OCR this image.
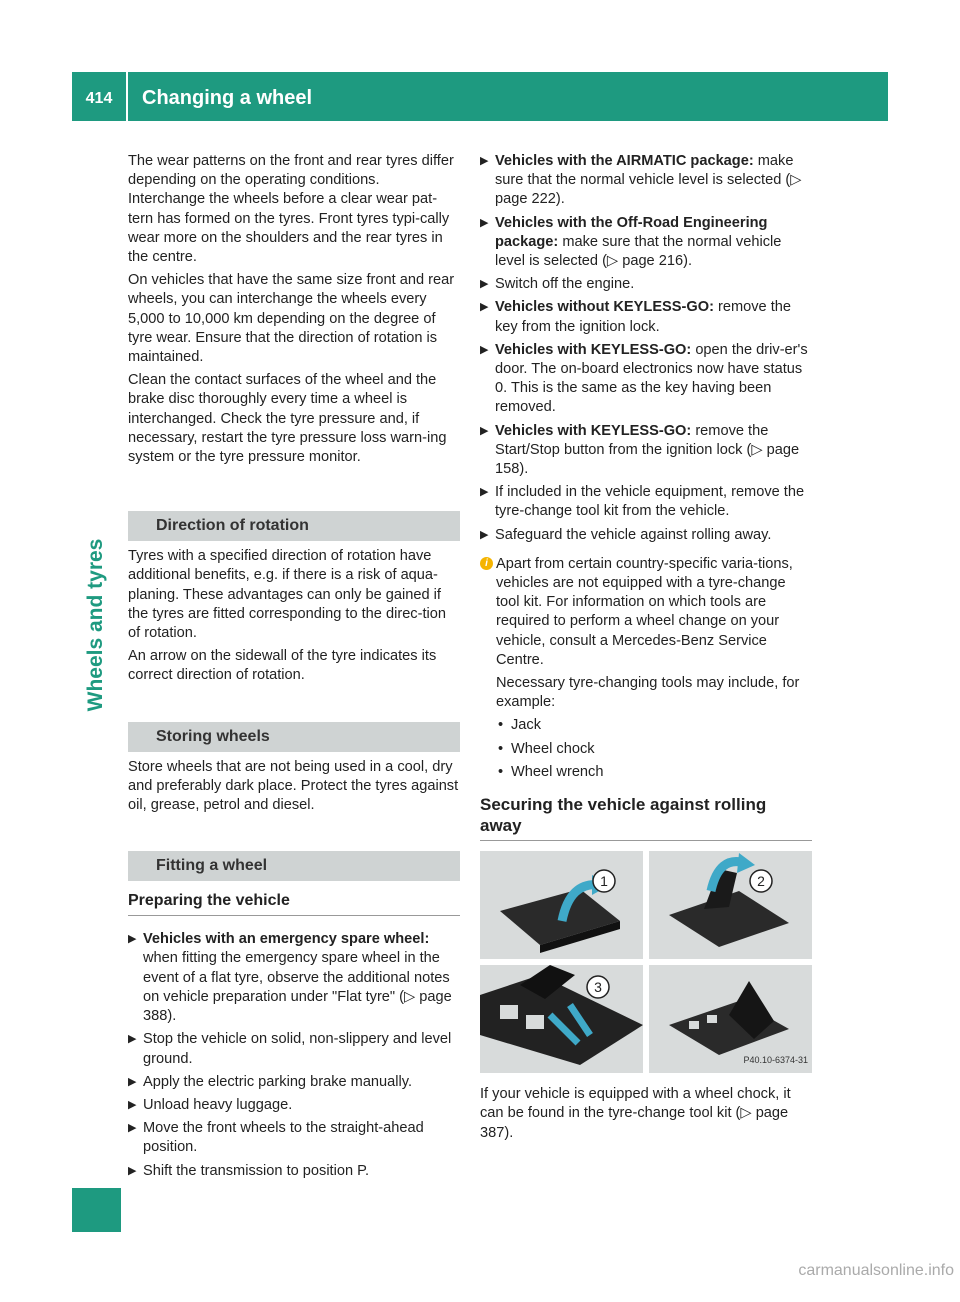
414	Changing a wheel
Wheels and tyres

The wear patterns on the front and rear tyres differ depending on the operating conditions. Interchange the wheels before a clear wear pat-tern has formed on the tyres. Front tyres typi-cally wear more on the shoulders and the rear tyres in the centre.

On vehicles that have the same size front and rear wheels, you can interchange the wheels every 5,000 to 10,000 km depending on the degree of tyre wear. Ensure that the direction of rotation is maintained.

Clean the contact surfaces of the wheel and the brake disc thoroughly every time a wheel is interchanged. Check the tyre pressure and, if necessary, restart the tyre pressure loss warn-ing system or the tyre pressure monitor.

Direction of rotation

Tyres with a specified direction of rotation have additional benefits, e.g. if there is a risk of aqua-planing. These advantages can only be gained if the tyres are fitted corresponding to the direc-tion of rotation.

An arrow on the sidewall of the tyre indicates its correct direction of rotation.

Storing wheels

Store wheels that are not being used in a cool, dry and preferably dark place. Protect the tyres against oil, grease, petrol and diesel.

Fitting a wheel
Preparing the vehicle
▶ Vehicles with an emergency spare wheel: when fitting the emergency spare wheel in the event of a flat tyre, observe the additional notes on vehicle preparation under "Flat tyre" (▷ page 388).
▶ Stop the vehicle on solid, non-slippery and level ground.
▶ Apply the electric parking brake manually.
▶ Unload heavy luggage.
▶ Move the front wheels to the straight-ahead position.
▶ Shift the transmission to position P.
▶ Vehicles with the AIRMATIC package: make sure that the normal vehicle level is selected (▷ page 222).
▶ Vehicles with the Off-Road Engineering package: make sure that the normal vehicle level is selected (▷ page 216).
▶ Switch off the engine.
▶ Vehicles without KEYLESS-GO: remove the key from the ignition lock.
▶ Vehicles with KEYLESS-GO: open the driv-er's door. The on-board electronics now have status 0. This is the same as the key having been removed.
▶ Vehicles with KEYLESS-GO: remove the Start/Stop button from the ignition lock (▷ page 158).
▶ If included in the vehicle equipment, remove the tyre-change tool kit from the vehicle.
▶ Safeguard the vehicle against rolling away.
i Apart from certain country-specific varia-tions, vehicles are not equipped with a tyre-change tool kit. For information on which tools are required to perform a wheel change on your vehicle, consult a Mercedes-Benz Service Centre.

Necessary tyre-changing tools may include, for example:

• Jack
• Wheel chock
• Wheel wrench
Securing the vehicle against rolling away
1	2
3
P40.10-6374-31

If your vehicle is equipped with a wheel chock, it can be found in the tyre-change tool kit (▷ page 387).

carmanualsonline.info
